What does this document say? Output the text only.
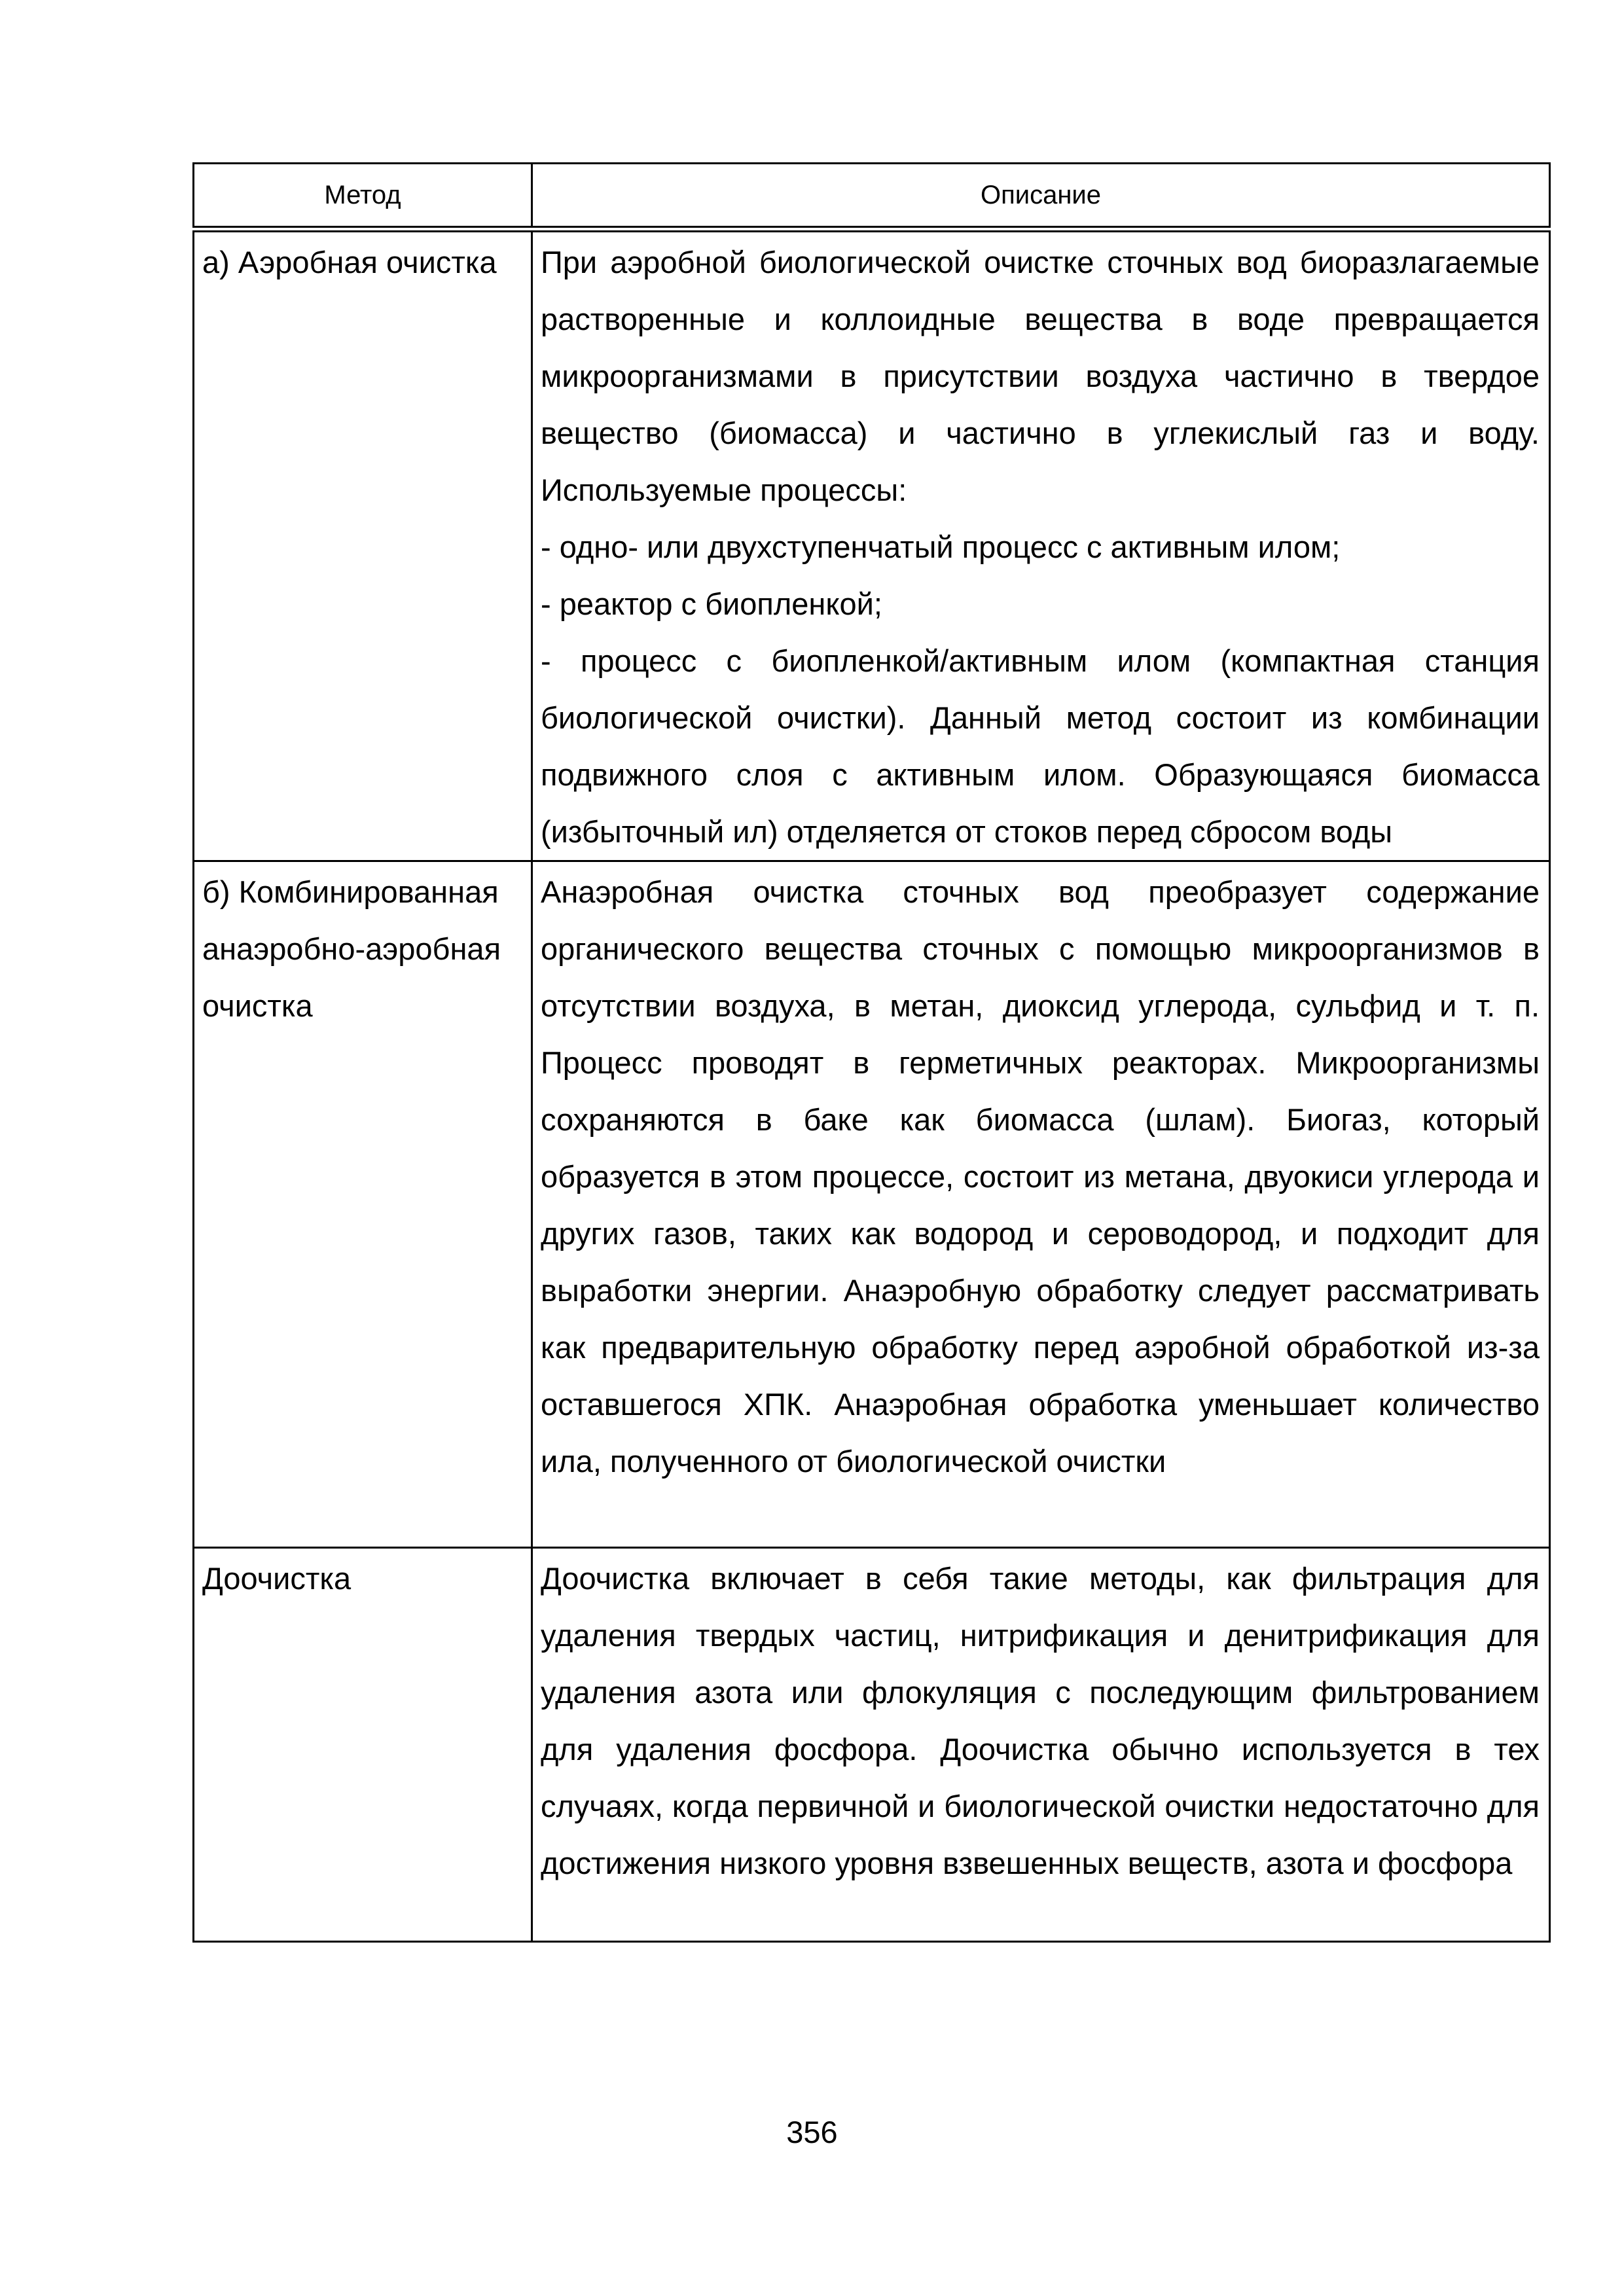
Метод	Описание
а) Аэробная очистка	При аэробной биологической очистке сточных вод биоразлагаемые растворенные и коллоидные вещества в воде превращается микроорганизмами в присутствии воздуха частично в твердое вещество (биомасса) и частично в углекислый газ и воду. Используемые процессы:

- одно- или двухступенчатый процесс с активным илом;

- реактор с биопленкой;

- процесс с биопленкой/активным илом (компактная станция биологической очистки). Данный метод состоит из комбинации подвижного слоя с активным илом. Образующаяся биомасса (избыточный ил) отделяется от стоков перед сбросом воды

б) Комбинированная анаэробно-аэробная очистка	Анаэробная очистка сточных вод преобразует содержание органического вещества сточных с помощью микроорганизмов в отсутствии воздуха, в метан, диоксид углерода, сульфид и т. п. Процесс проводят в герметичных реакторах. Микроорганизмы сохраняются в баке как биомасса (шлам). Биогаз, который образуется в этом процессе, состоит из метана, двуокиси углерода и других газов, таких как водород и сероводород, и подходит для выработки энергии. Анаэробную обработку следует рассматривать как предварительную обработку перед аэробной обработкой из-за оставшегося ХПК. Анаэробная обработка уменьшает количество ила, полученного от биологической очистки

Доочистка	Доочистка включает в себя такие методы, как фильтрация для удаления твердых частиц, нитрификация и денитрификация для удаления азота или флокуляция с последующим фильтрованием для удаления фосфора. Доочистка обычно используется в тех случаях, когда первичной и биологической очистки недостаточно для достижения низкого уровня взвешенных веществ, азота и фосфора

356
